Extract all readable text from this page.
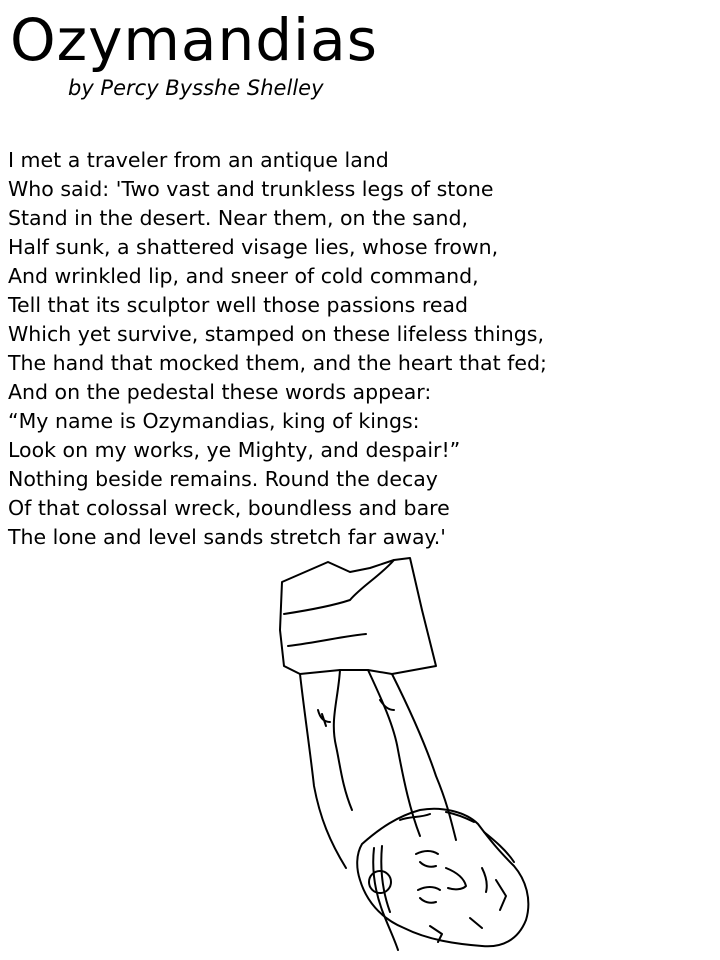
Ozymandias

by Percy Bysshe Shelley

I met a traveler from an antique land
Who said: 'Two vast and trunkless legs of stone
Stand in the desert. Near them, on the sand,
Half sunk, a shattered visage lies, whose frown,
And wrinkled lip, and sneer of cold command,
Tell that its sculptor well those passions read
Which yet survive, stamped on these lifeless things,
The hand that mocked them, and the heart that fed;
And on the pedestal these words appear:
“My name is Ozymandias, king of kings:
Look on my works, ye Mighty, and despair!”
Nothing beside remains. Round the decay
Of that colossal wreck, boundless and bare
The lone and level sands stretch far away.'
